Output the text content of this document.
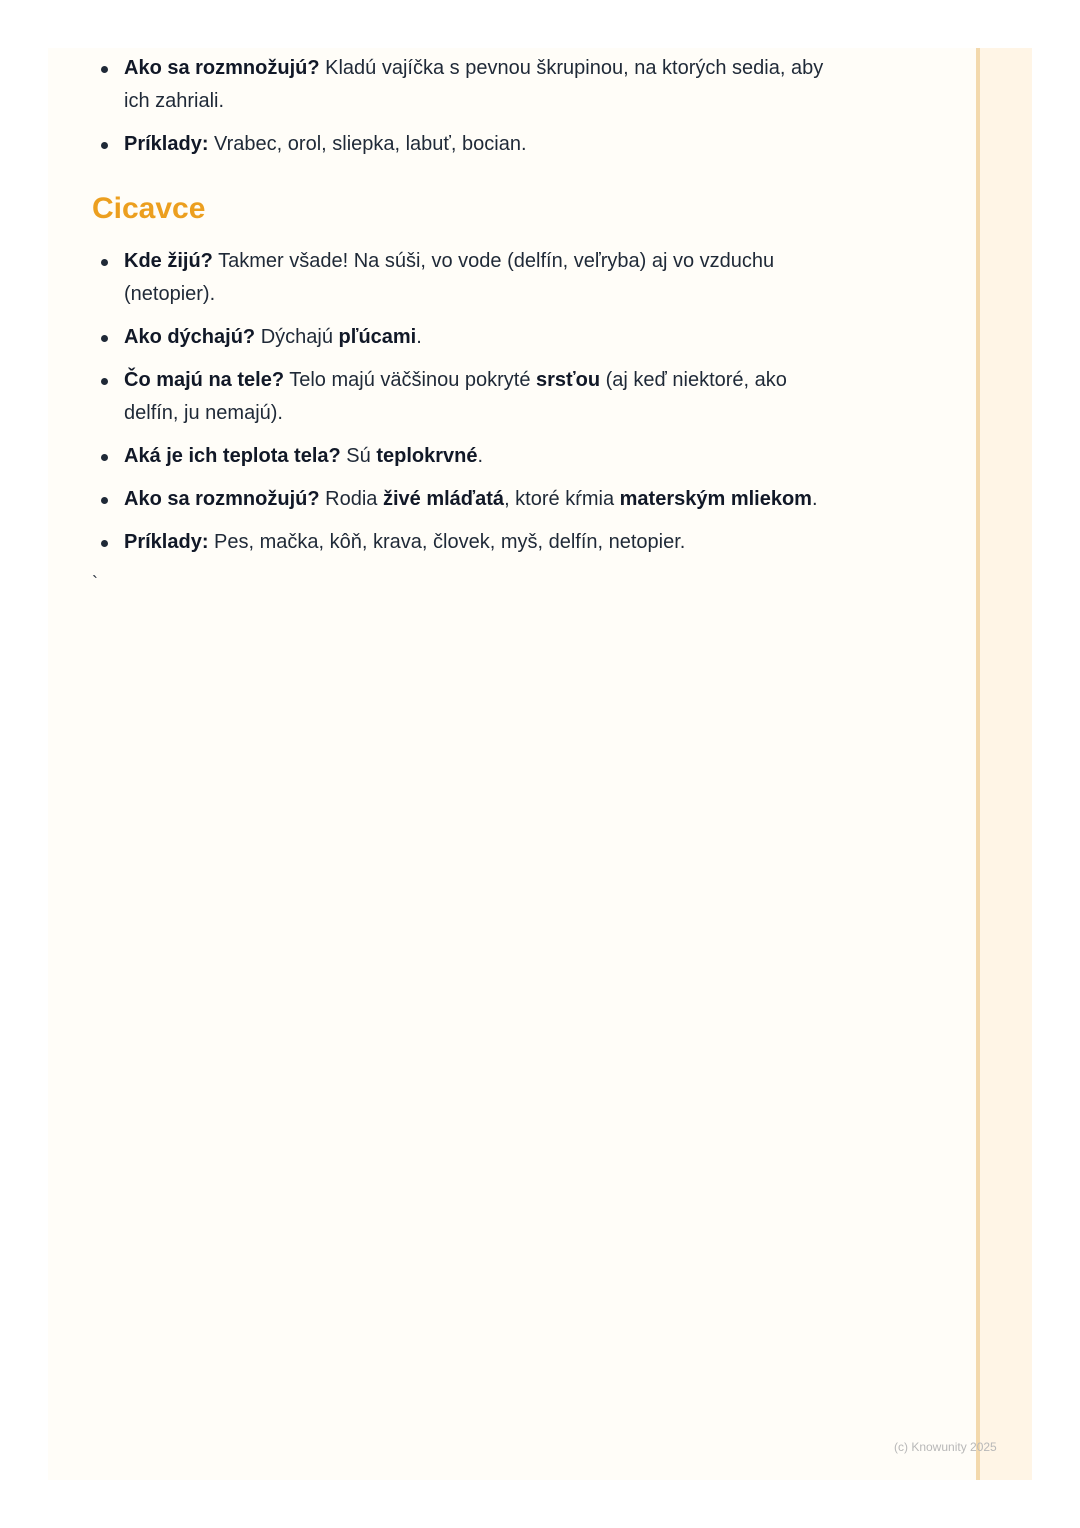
Ako sa rozmnožujú? Kladú vajíčka s pevnou škrupinou, na ktorých sedia, aby ich zahriali.
Príklady: Vrabec, orol, sliepka, labuť, bocian.
Cicavce
Kde žijú? Takmer všade! Na súši, vo vode (delfín, veľryba) aj vo vzduchu (netopier).
Ako dýchajú? Dýchajú pľúcami.
Čo majú na tele? Telo majú väčšinou pokryté srsťou (aj keď niektoré, ako delfín, ju nemajú).
Aká je ich teplota tela? Sú teplokrvné.
Ako sa rozmnožujú? Rodia živé mláďatá, ktoré kŕmia materským mliekom.
Príklady: Pes, mačka, kôň, krava, človek, myš, delfín, netopier.
`
(c) Knowunity 2025
